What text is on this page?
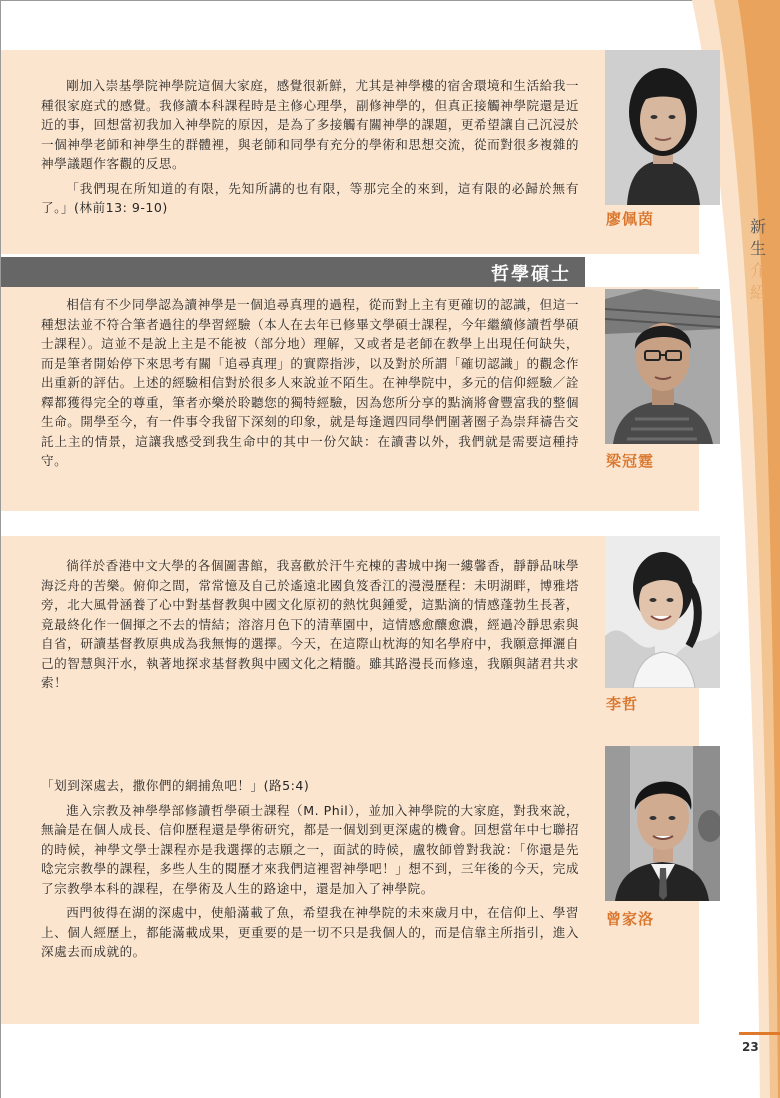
剛加入崇基學院神學院這個大家庭，感覺很新鮮，尤其是神學樓的宿舍環境和生活給我一種很家庭式的感覺。我修讀本科課程時是主修心理學，副修神學的，但真正接觸神學院還是近近的事，回想當初我加入神學院的原因，是為了多接觸有關神學的課題，更希望讓自己沉浸於一個神學老師和神學生的群體裡，與老師和同學有充分的學術和思想交流，從而對很多複雜的神學議題作客觀的反思。

「我們現在所知道的有限，先知所講的也有限，等那完全的來到，這有限的必歸於無有了。」(林前13: 9-10)

廖佩茵
哲學碩士

相信有不少同學認為讀神學是一個追尋真理的過程，從而對上主有更確切的認識，但這一種想法並不符合筆者過往的學習經驗（本人在去年已修畢文學碩士課程，今年繼續修讀哲學碩士課程）。這並不是說上主是不能被（部分地）理解，又或者是老師在教學上出現任何缺失，而是筆者開始停下來思考有關「追尋真理」的實際指涉，以及對於所謂「確切認識」的觀念作出重新的評估。上述的經驗相信對於很多人來說並不陌生。在神學院中，多元的信仰經驗／詮釋都獲得完全的尊重，筆者亦樂於聆聽您的獨特經驗，因為您所分享的點滴將會豐富我的整個生命。開學至今，有一件事令我留下深刻的印象，就是每逢週四同學們圍著圈子為崇拜禱告交託上主的情景，這讓我感受到我生命中的其中一份欠缺：在讀書以外，我們就是需要這種持守。	梁冠霆

徜徉於香港中文大學的各個圖書館，我喜歡於汗牛充棟的書城中掬一縷馨香，靜靜品味學海泛舟的苦樂。俯仰之間，常常憶及自己於遙遠北國負笈香江的漫漫歷程：未明湖畔，博雅塔旁，北大風骨涵養了心中對基督教與中國文化原初的熱忱與鍾愛，這點滴的情感蓬勃生長著，竟最終化作一個揮之不去的情結；溶溶月色下的清華園中，這情感愈釀愈濃，經過冷靜思索與自省，研讀基督教原典成為我無悔的選擇。今天，在這際山枕海的知名學府中，我願意揮灑自己的智慧與汗水，執著地探求基督教與中國文化之精髓。雖其路漫長而修遠，我願與諸君共求索！

李哲

「划到深處去，撒你們的網捕魚吧！」(路5:4)

進入宗教及神學學部修讀哲學碩士課程（M. Phil），並加入神學院的大家庭，對我來說，無論是在個人成長、信仰歷程還是學術研究，都是一個划到更深處的機會。回想當年中七聯招的時候，神學文學士課程亦是我選擇的志願之一，面試的時候，盧牧師曾對我說：「你還是先唸完宗教學的課程，多些人生的閱歷才來我們這裡習神學吧！」想不到，三年後的今天，完成了宗教學本科的課程，在學術及人生的路途中，還是加入了神學院。

西門彼得在湖的深處中，使船滿載了魚，希望我在神學院的未來歲月中，在信仰上、學習上、個人經歷上，都能滿載成果，更重要的是一切不只是我個人的，而是信靠主所指引，進入深處去而成就的。

曾家洛
新
生
介
紹
23
